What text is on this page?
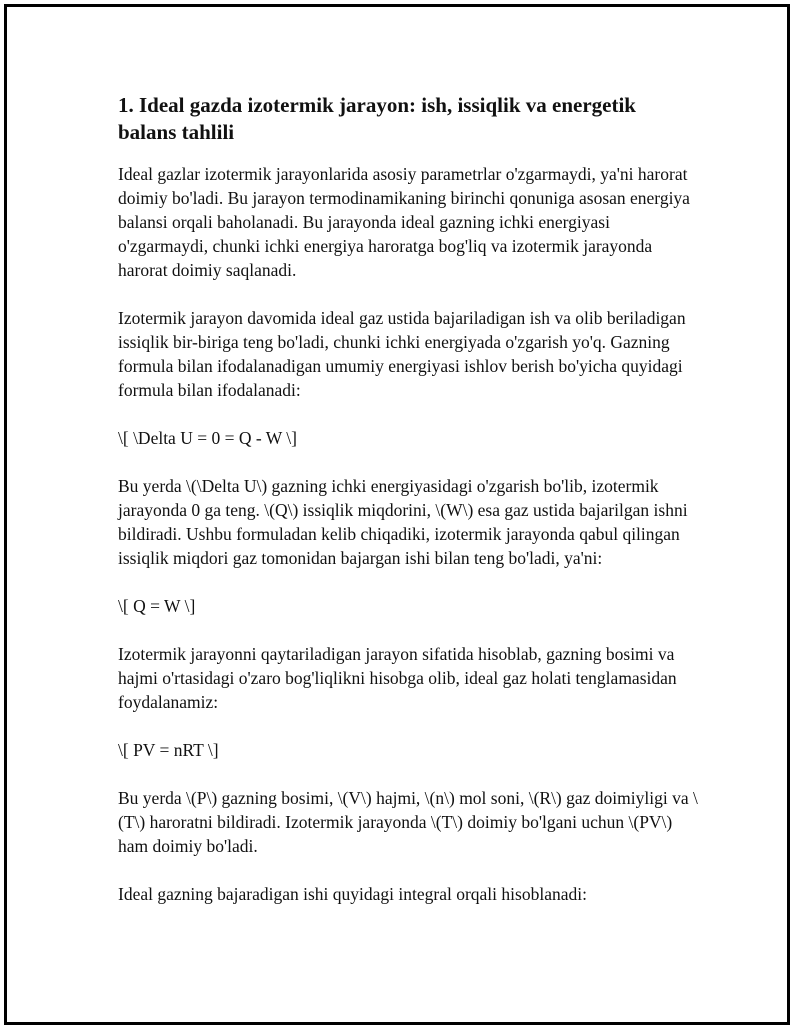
1. Ideal gazda izotermik jarayon: ish, issiqlik va energetik balans tahlili

Ideal gazlar izotermik jarayonlarida asosiy parametrlar o'zgarmaydi, ya'ni harorat doimiy bo'ladi. Bu jarayon termodinamikaning birinchi qonuniga asosan energiya balansi orqali baholanadi. Bu jarayonda ideal gazning ichki energiyasi o'zgarmaydi, chunki ichki energiya haroratga bog'liq va izotermik jarayonda harorat doimiy saqlanadi.

Izotermik jarayon davomida ideal gaz ustida bajariladigan ish va olib beriladigan issiqlik bir-biriga teng bo'ladi, chunki ichki energiyada o'zgarish yo'q. Gazning formula bilan ifodalanadigan umumiy energiyasi ishlov berish bo'yicha quyidagi formula bilan ifodalanadi:

\[ \Delta U = 0 = Q - W \]

Bu yerda \(\Delta U\) gazning ichki energiyasidagi o'zgarish bo'lib, izotermik jarayonda 0 ga teng. \(Q\) issiqlik miqdorini, \(W\) esa gaz ustida bajarilgan ishni bildiradi. Ushbu formuladan kelib chiqadiki, izotermik jarayonda qabul qilingan issiqlik miqdori gaz tomonidan bajargan ishi bilan teng bo'ladi, ya'ni:

\[ Q = W \]

Izotermik jarayonni qaytariladigan jarayon sifatida hisoblab, gazning bosimi va hajmi o'rtasidagi o'zaro bog'liqlikni hisobga olib, ideal gaz holati tenglamasidan foydalanamiz:

\[ PV = nRT \]

Bu yerda \(P\) gazning bosimi, \(V\) hajmi, \(n\) mol soni, \(R\) gaz doimiyligi va \(T\) haroratni bildiradi. Izotermik jarayonda \(T\) doimiy bo'lgani uchun \(PV\) ham doimiy bo'ladi.

Ideal gazning bajaradigan ishi quyidagi integral orqali hisoblanadi:
